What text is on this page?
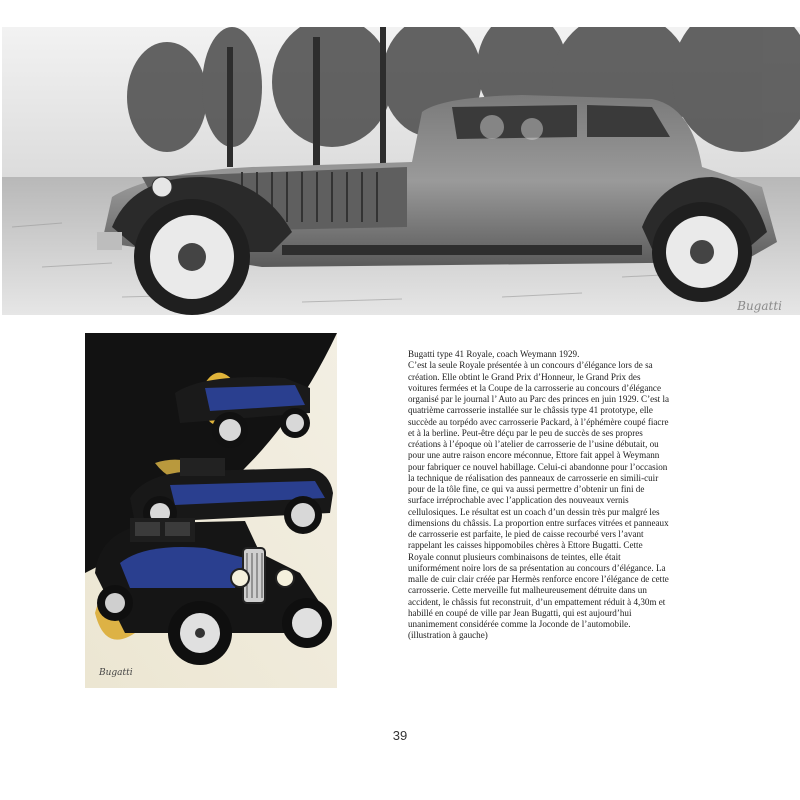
Bugatti
Bugatti
Bugatti type 41 Royale, coach Weymann 1929.
C’est la seule Royale présentée à un concours d’élégance lors de sa création. Elle obtint le Grand Prix d’Honneur, le Grand Prix des voitures fermées et la Coupe de la carrosserie au concours d’élégance organisé par le journal l’ Auto au Parc des princes en juin 1929. C’est la quatrième carrosserie installée sur le châssis type 41 prototype, elle succède au torpédo avec carrosserie Packard, à l’éphémère coupé fiacre et à la berline. Peut-être déçu par le peu de succès de ses propres créations à l’époque où l’atelier de carrosserie de l’usine débutait, ou pour une autre raison encore méconnue, Ettore fait appel à Weymann pour fabriquer ce nouvel habillage. Celui-ci abandonne pour l’occasion la technique de réalisation des panneaux de carrosserie en simili-cuir pour de la tôle fine, ce qui va aussi permettre d’obtenir un fini de surface irréprochable avec l’application des nouveaux vernis cellulosiques. Le résultat est un coach d’un dessin très pur malgré les dimensions du châssis. La proportion entre surfaces vitrées et panneaux de carrosserie est parfaite, le pied de caisse recourbé vers l’avant rappelant les caisses hippomobiles chères à Ettore Bugatti. Cette Royale connut plusieurs combinaisons de teintes, elle était uniformément noire lors de sa présentation au concours d’élégance. La malle de cuir clair créée par Hermès renforce encore l’élégance de cette carrosserie. Cette merveille fut malheureusement détruite dans un accident, le châssis fut reconstruit, d’un empattement réduit à 4,30m et habillé en coupé de ville par Jean Bugatti, qui est aujourd’hui unanimement considérée comme la Joconde de l’automobile. (illustration à gauche)
39
